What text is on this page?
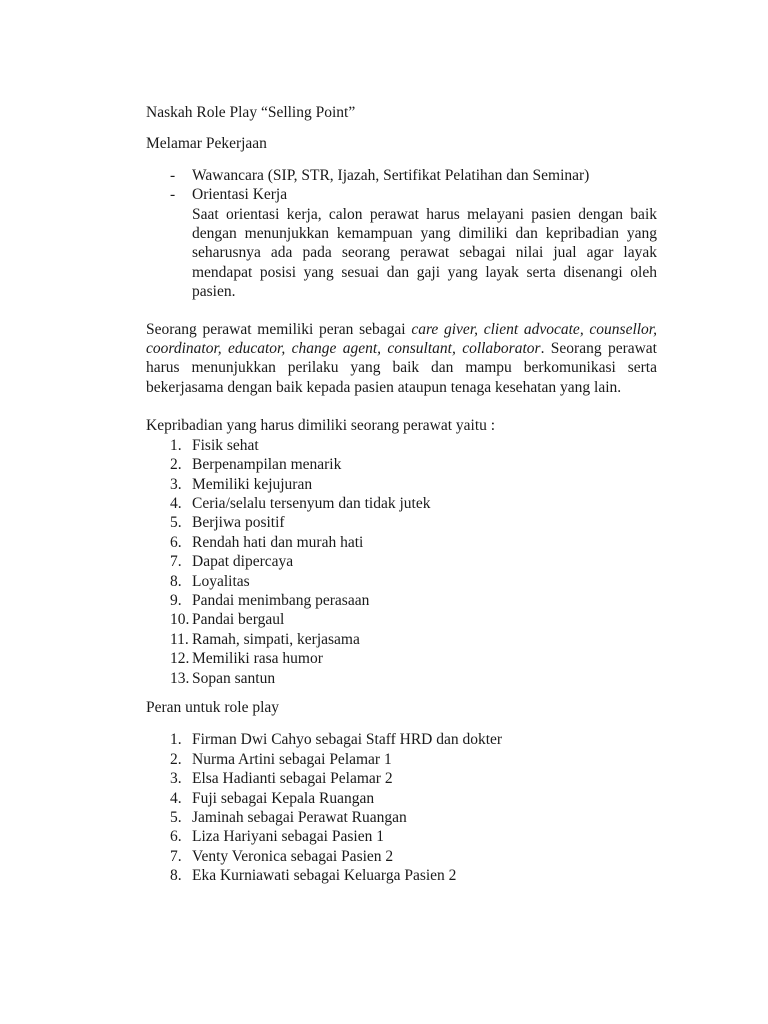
Naskah Role Play “Selling Point”

Melamar Pekerjaan

-	Wawancara (SIP, STR, Ijazah, Sertifikat Pelatihan dan Seminar)
-	Orientasi Kerja

Saat orientasi kerja, calon perawat harus melayani pasien dengan baik dengan menunjukkan kemampuan yang dimiliki dan kepribadian yang seharusnya ada pada seorang perawat sebagai nilai jual agar layak mendapat posisi yang sesuai dan gaji yang layak serta disenangi oleh pasien.

Seorang perawat memiliki peran sebagai care giver, client advocate, counsellor, coordinator, educator, change agent, consultant, collaborator. Seorang perawat harus menunjukkan perilaku yang baik dan mampu berkomunikasi serta bekerjasama dengan baik kepada pasien ataupun tenaga kesehatan yang lain.

Kepribadian yang harus dimiliki seorang perawat yaitu :

1. Fisik sehat
2. Berpenampilan menarik
3. Memiliki kejujuran
4. Ceria/selalu tersenyum dan tidak jutek
5. Berjiwa positif
6. Rendah hati dan murah hati
7. Dapat dipercaya
8. Loyalitas
9. Pandai menimbang perasaan
10. Pandai bergaul
11. Ramah, simpati, kerjasama
12. Memiliki rasa humor
13. Sopan santun

Peran untuk role play

1. Firman Dwi Cahyo sebagai Staff HRD dan dokter
2. Nurma Artini sebagai Pelamar 1
3. Elsa Hadianti sebagai Pelamar 2
4. Fuji sebagai Kepala Ruangan
5. Jaminah sebagai Perawat Ruangan
6. Liza Hariyani sebagai Pasien 1
7. Venty Veronica sebagai Pasien 2
8. Eka Kurniawati sebagai Keluarga Pasien 2
